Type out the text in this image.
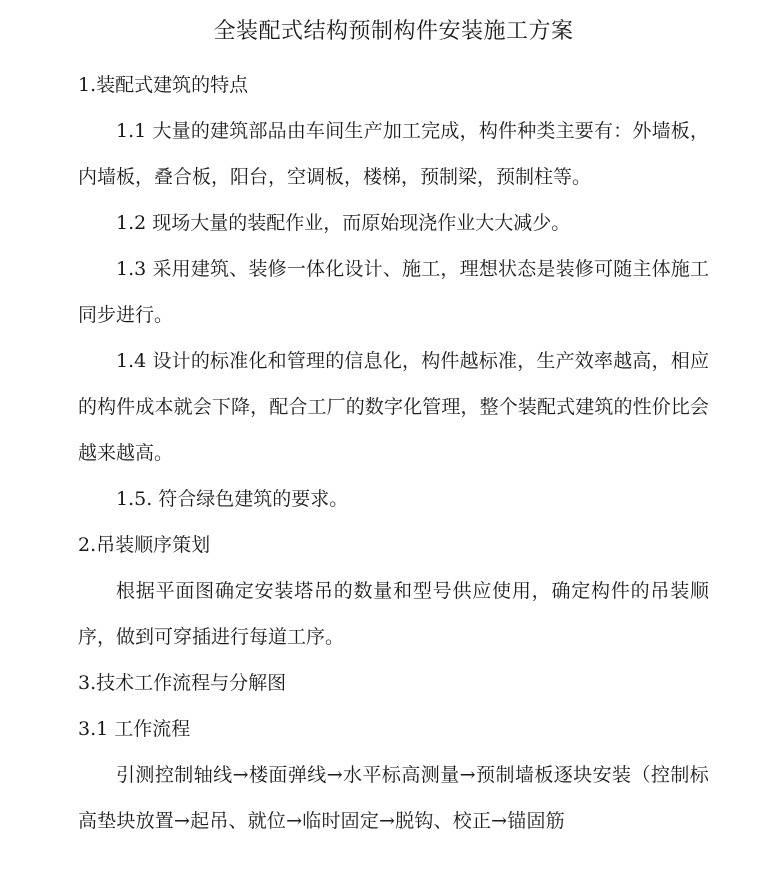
全装配式结构预制构件安装施工方案
1.装配式建筑的特点

1.1 大量的建筑部品由车间生产加工完成，构件种类主要有：外墙板，内墙板，叠合板，阳台，空调板，楼梯，预制梁，预制柱等。

1.2 现场大量的装配作业，而原始现浇作业大大减少。

1.3 采用建筑、装修一体化设计、施工，理想状态是装修可随主体施工同步进行。

1.4 设计的标准化和管理的信息化，构件越标准，生产效率越高，相应的构件成本就会下降，配合工厂的数字化管理，整个装配式建筑的性价比会越来越高。

1.5. 符合绿色建筑的要求。

2.吊装顺序策划

根据平面图确定安装塔吊的数量和型号供应使用，确定构件的吊装顺序，做到可穿插进行每道工序。

3.技术工作流程与分解图
3.1 工作流程

引测控制轴线→楼面弹线→水平标高测量→预制墙板逐块安装（控制标高垫块放置→起吊、就位→临时固定→脱钩、校正→锚固筋
